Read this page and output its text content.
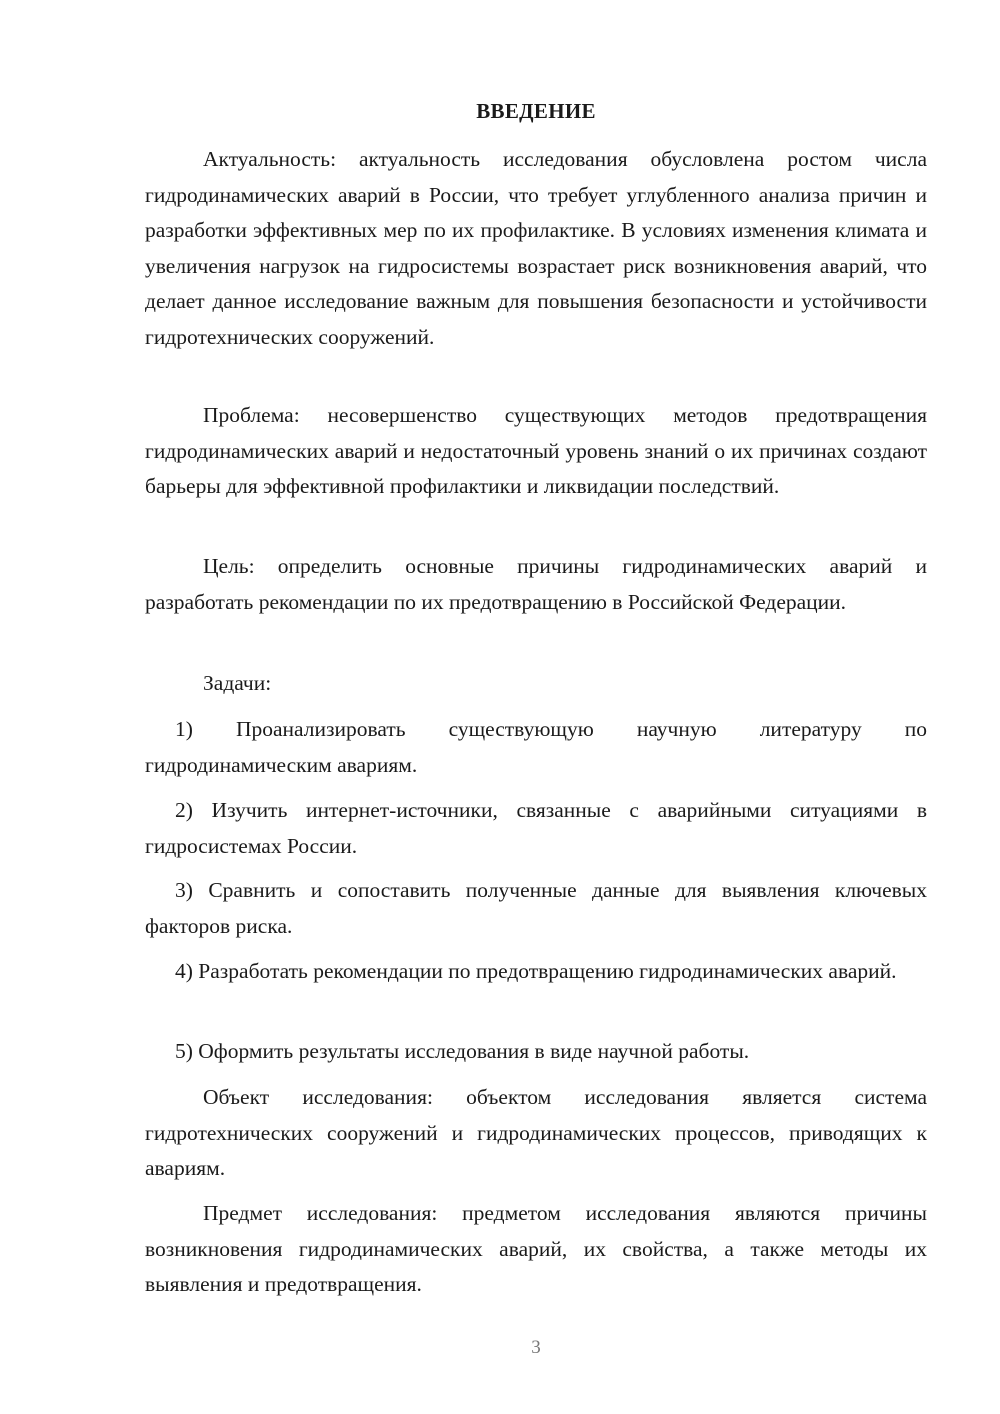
ВВЕДЕНИЕ

Актуальность: актуальность исследования обусловлена ростом числа гидродинамических аварий в России, что требует углубленного анализа причин и разработки эффективных мер по их профилактике. В условиях изменения климата и увеличения нагрузок на гидросистемы возрастает риск возникновения аварий, что делает данное исследование важным для повышения безопасности и устойчивости гидротехнических сооружений.

Проблема: несовершенство существующих методов предотвращения гидродинамических аварий и недостаточный уровень знаний о их причинах создают барьеры для эффективной профилактики и ликвидации последствий.

Цель: определить основные причины гидродинамических аварий и разработать рекомендации по их предотвращению в Российской Федерации.

Задачи:

1) Проанализировать существующую научную литературу по гидродинамическим авариям.

2) Изучить интернет-источники, связанные с аварийными ситуациями в гидросистемах России.

3) Сравнить и сопоставить полученные данные для выявления ключевых факторов риска.

4) Разработать рекомендации по предотвращению гидродинамических аварий.

5) Оформить результаты исследования в виде научной работы.

Объект исследования: объектом исследования является система гидротехнических сооружений и гидродинамических процессов, приводящих к авариям.

Предмет исследования: предметом исследования являются причины возникновения гидродинамических аварий, их свойства, а также методы их выявления и предотвращения.

3
